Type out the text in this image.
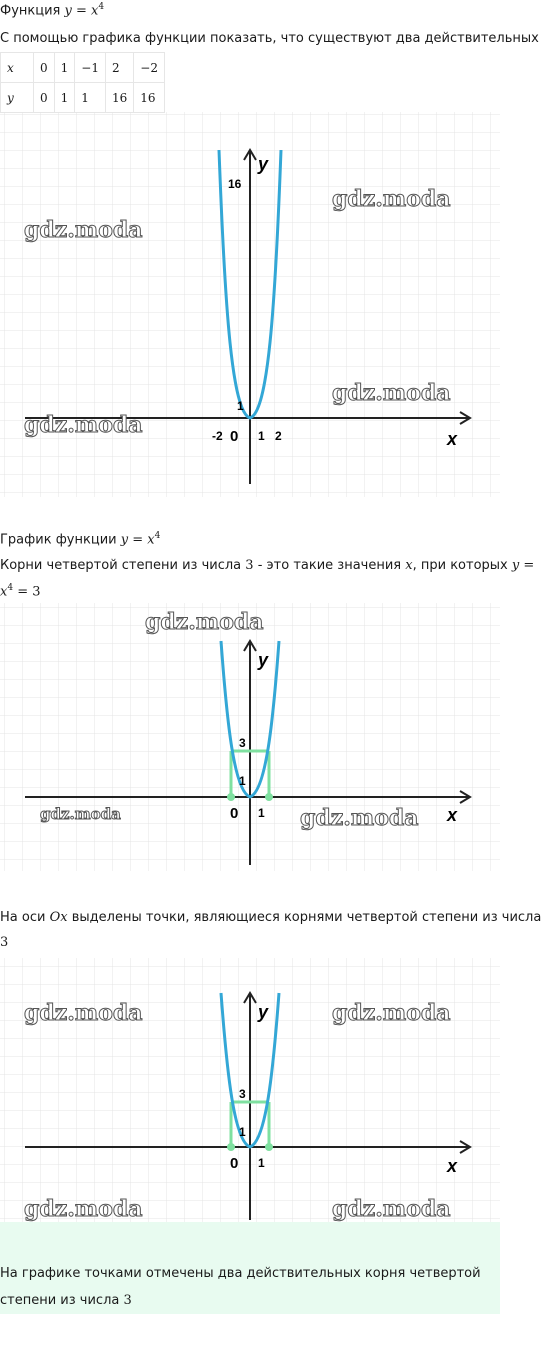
Функция $y = x^4$
С помощью графика функции показать, что существуют два действительных
x	0	1	−1	2	−2
y	0	1	1	16	16
y
x
16
1
-2 0 1 2
gdz.moda
gdz.moda
gdz.moda
gdz.moda
График функции $y = x^4$
Корни четвертой степени из числа 3 - это такие значения x, при которых y =
$x^4 = 3$
y
x
3
1
0 1
gdz.moda
gdz.moda	gdz.moda
На оси Ox выделены точки, являющиеся корнями четвертой степени из числа
3
y
x
3
1
0 1
gdz.moda	gdz.moda
gdz.moda	gdz.moda
На графике точками отмечены два действительных корня четвертой
степени из числа 3
